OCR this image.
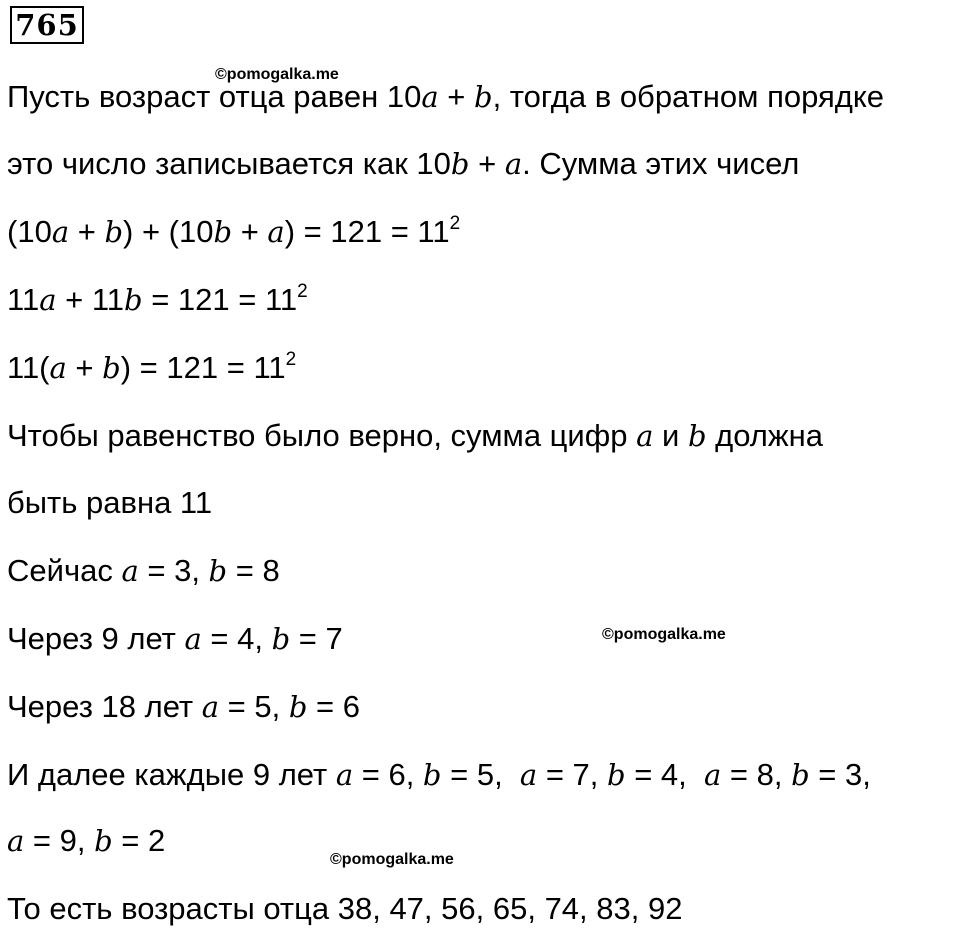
765
©pomogalka.me
©pomogalka.me
©pomogalka.me
Пусть возраст отца равен 10a + b, тогда в обратном порядке
это число записывается как 10b + a. Сумма этих чисел
$(10a + b) + (10b + a) = 121 = 11^2$
$11a + 11b = 121 = 11^2$
$11(a + b) = 121 = 11^2$
Чтобы равенство было верно, сумма цифр a и b должна
быть равна 11
Сейчас a = 3, b = 8
Через 9 лет a = 4, b = 7
Через 18 лет a = 5, b = 6
И далее каждые 9 лет a = 6, b = 5,  a = 7, b = 4,  a = 8, b = 3,
a = 9, b = 2
То есть возрасты отца 38, 47, 56, 65, 74, 83, 92
